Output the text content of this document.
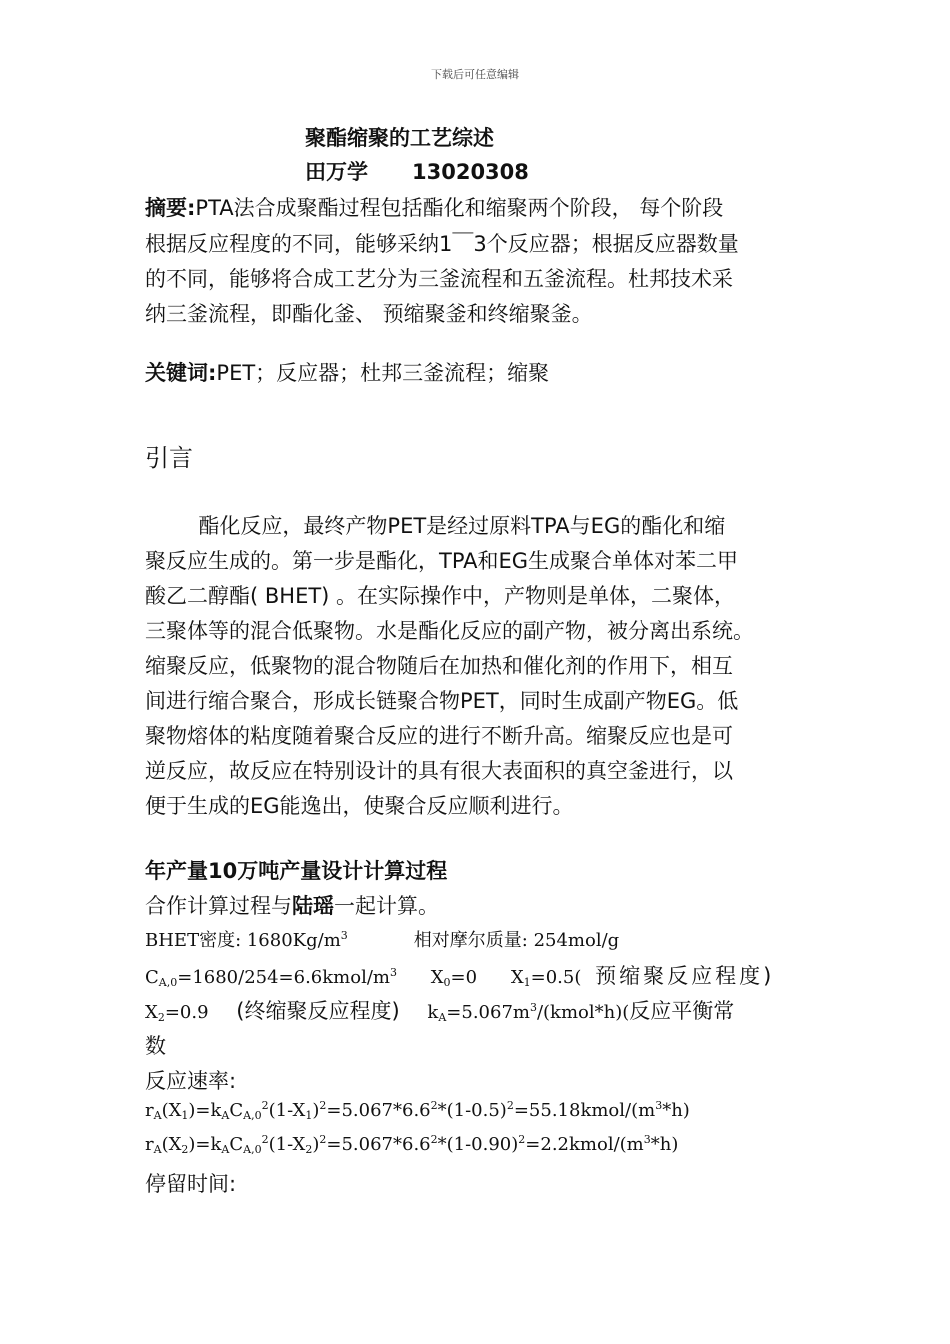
下载后可任意编辑
聚酯缩聚的工艺综述
田万学 13020308
摘要:PTA法合成聚酯过程包括酯化和缩聚两个阶段， 每个阶段
根据反应程度的不同，能够采纳1￣3个反应器；根据反应器数量
的不同，能够将合成工艺分为三釜流程和五釜流程。杜邦技术采
纳三釜流程，即酯化釜、 预缩聚釜和终缩聚釜。
关键词:PET；反应器；杜邦三釜流程；缩聚
引言
酯化反应，最终产物PET是经过原料TPA与EG的酯化和缩
聚反应生成的。第一步是酯化，TPA和EG生成聚合单体对苯二甲
酸乙二醇酯( BHET) 。在实际操作中，产物则是单体，二聚体，
三聚体等的混合低聚物。水是酯化反应的副产物，被分离出系统。
缩聚反应，低聚物的混合物随后在加热和催化剂的作用下，相互
间进行缩合聚合，形成长链聚合物PET，同时生成副产物EG。低
聚物熔体的粘度随着聚合反应的进行不断升高。缩聚反应也是可
逆反应，故反应在特别设计的具有很大表面积的真空釜进行，以
便于生成的EG能逸出，使聚合反应顺利进行。
年产量10万吨产量设计计算过程
合作计算过程与陆瑶一起计算。
BHET密度: $1680Kg/m^3$	相对摩尔质量: 254mol/g
$C_{A,0}=1680/254=6.6kmol/m^3$ $X_0=0$ $X_1=0.5$( 预缩聚反应程度)
$X_2=0.9$ (终缩聚反应程度) $k_A=5.067m^3/(kmol*h)$(反应平衡常
数
反应速率:
$r_A(X_1)=k_AC_{A,0}^2(1-X_1)^2=5.067*6.6^2*(1-0.5)^2=55.18kmol/(m^3*h)$
$r_A(X_2)=k_AC_{A,0}^2(1-X_2)^2=5.067*6.6^2*(1-0.90)^2=2.2kmol/(m^3*h)$
停留时间:
